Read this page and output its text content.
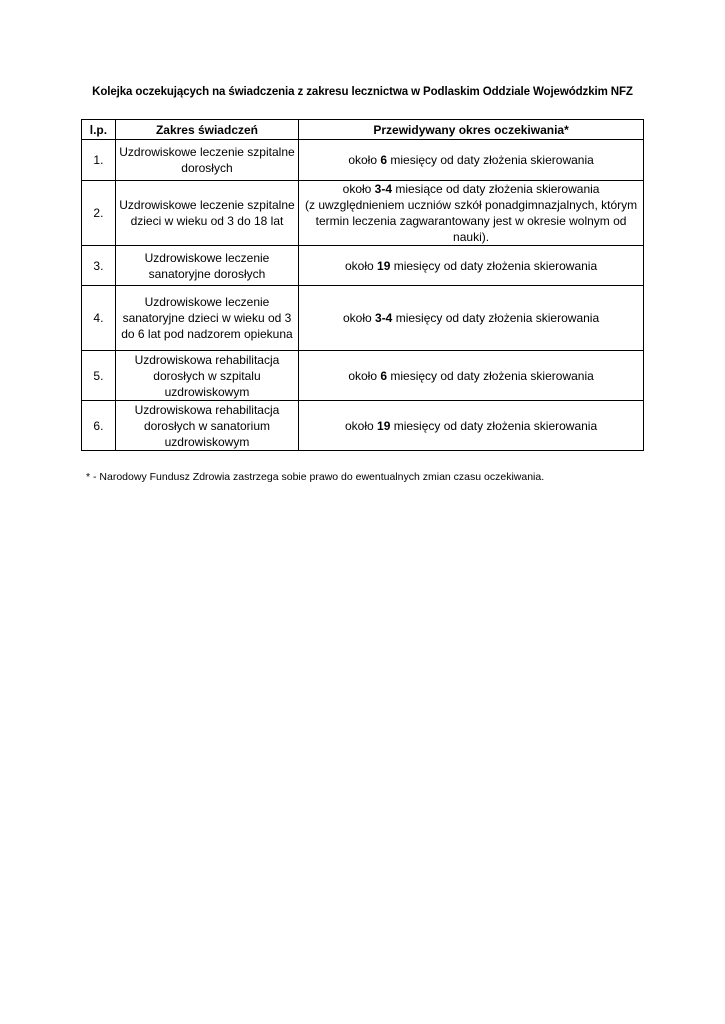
Kolejka oczekujących na świadczenia z zakresu lecznictwa w Podlaskim Oddziale Wojewódzkim NFZ
l.p.	Zakres świadczeń	Przewidywany okres oczekiwania*
1.	Uzdrowiskowe leczenie szpitalne dorosłych	około 6 miesięcy od daty złożenia skierowania
2.	Uzdrowiskowe leczenie szpitalne dzieci w wieku od 3 do 18 lat	około 3-4 miesiące od daty złożenia skierowania
(z uwzględnieniem uczniów szkół ponadgimnazjalnych, którym termin leczenia zagwarantowany jest w okresie wolnym od nauki).
3.	Uzdrowiskowe leczenie sanatoryjne dorosłych	około 19 miesięcy od daty złożenia skierowania
4.	Uzdrowiskowe leczenie sanatoryjne dzieci w wieku od 3 do 6 lat pod nadzorem opiekuna	około 3-4 miesięcy od daty złożenia skierowania
5.	Uzdrowiskowa rehabilitacja dorosłych w szpitalu uzdrowiskowym	około 6 miesięcy od daty złożenia skierowania
6.	Uzdrowiskowa rehabilitacja dorosłych w sanatorium uzdrowiskowym	około 19 miesięcy od daty złożenia skierowania
* - Narodowy Fundusz Zdrowia zastrzega sobie prawo do ewentualnych zmian czasu oczekiwania.
